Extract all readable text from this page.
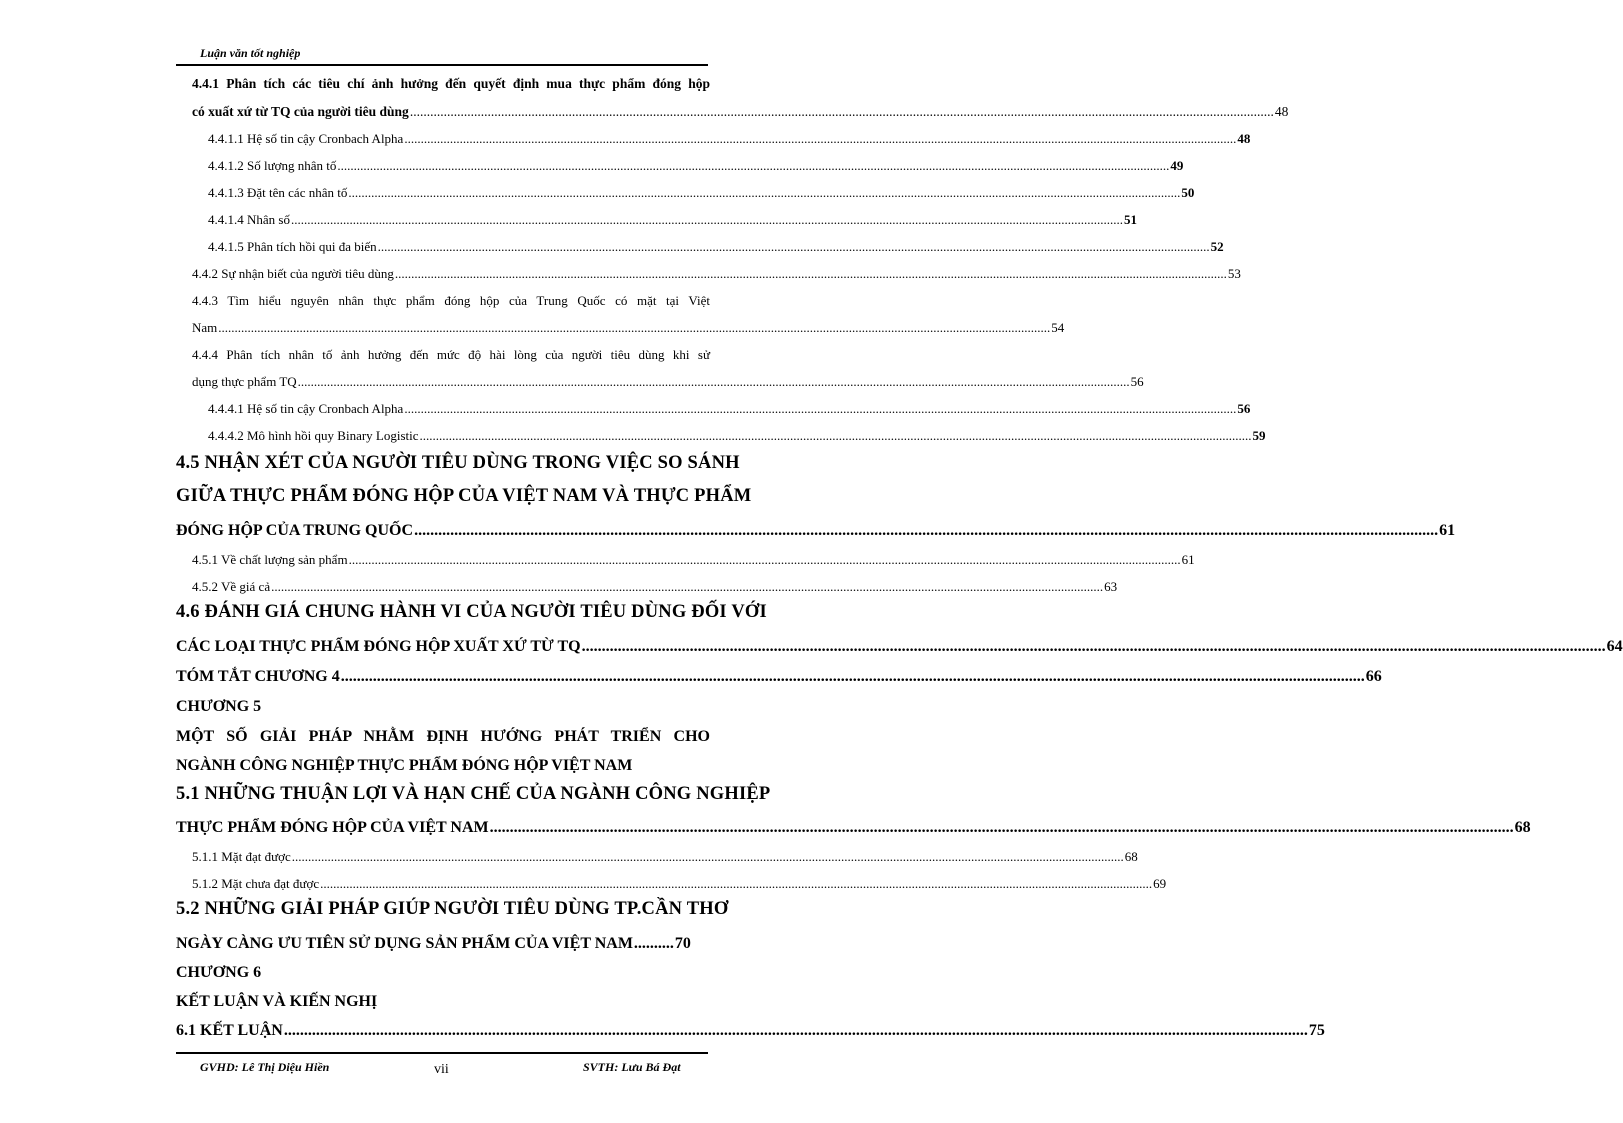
Luận văn tốt nghiệp
4.4.1 Phân tích các tiêu chí ảnh hưởng đến quyết định mua thực phẩm đóng hộp
có xuất xứ từ TQ của người tiêu dùng .....	48
4.4.1.1 Hệ số tin cậy Cronbach Alpha .....	48
4.4.1.2 Số lượng nhân tố .....	49
4.4.1.3 Đặt tên các nhân tố .....	50
4.4.1.4 Nhân số .....	51
4.4.1.5 Phân tích hồi qui đa biến .....	52
4.4.2 Sự nhận biết của người tiêu dùng .....	53
4.4.3 Tìm hiểu nguyên nhân thực phẩm đóng hộp của Trung Quốc có mặt tại Việt
Nam .....	54
4.4.4 Phân tích nhân tố ảnh hưởng đến mức độ hài lòng của người tiêu dùng khi sử
dụng thực phẩm TQ .....	56
4.4.4.1 Hệ số tin cậy Cronbach Alpha .....	56
4.4.4.2 Mô hình hồi quy Binary Logistic .....	59
4.5 NHẬN XÉT CỦA NGƯỜI TIÊU DÙNG TRONG VIỆC SO SÁNH
GIỮA THỰC PHẨM ĐÓNG HỘP CỦA VIỆT NAM VÀ THỰC PHẨM
ĐÓNG HỘP CỦA TRUNG QUỐC .....	61
4.5.1 Về chất lượng sản phẩm .....	61
4.5.2 Về giá cả .....	63
4.6 ĐÁNH GIÁ CHUNG HÀNH VI CỦA NGƯỜI TIÊU DÙNG ĐỐI VỚI
CÁC LOẠI THỰC PHẨM ĐÓNG HỘP XUẤT XỨ TỪ TQ .....	64
TÓM TẮT CHƯƠNG 4 .....	66
CHƯƠNG 5
MỘT SỐ GIẢI PHÁP NHẰM ĐỊNH HƯỚNG PHÁT TRIỂN CHO
NGÀNH CÔNG NGHIỆP THỰC PHẨM ĐÓNG HỘP VIỆT NAM
5.1 NHỮNG THUẬN LỢI VÀ HẠN CHẾ CỦA NGÀNH CÔNG NGHIỆP
THỰC PHẨM ĐÓNG HỘP CỦA VIỆT NAM .....	68
5.1.1 Mặt đạt được .....	68
5.1.2 Mặt chưa đạt được .....	69
5.2 NHỮNG GIẢI PHÁP GIÚP NGƯỜI TIÊU DÙNG TP.CẦN THƠ
NGÀY CÀNG ƯU TIÊN SỬ DỤNG SẢN PHẨM CỦA VIỆT NAM .......... 70
CHƯƠNG 6
KẾT LUẬN VÀ KIẾN NGHỊ
6.1 KẾT LUẬN .....	75
GVHD: Lê Thị Diệu Hiền	vii	SVTH: Lưu Bá Đạt
